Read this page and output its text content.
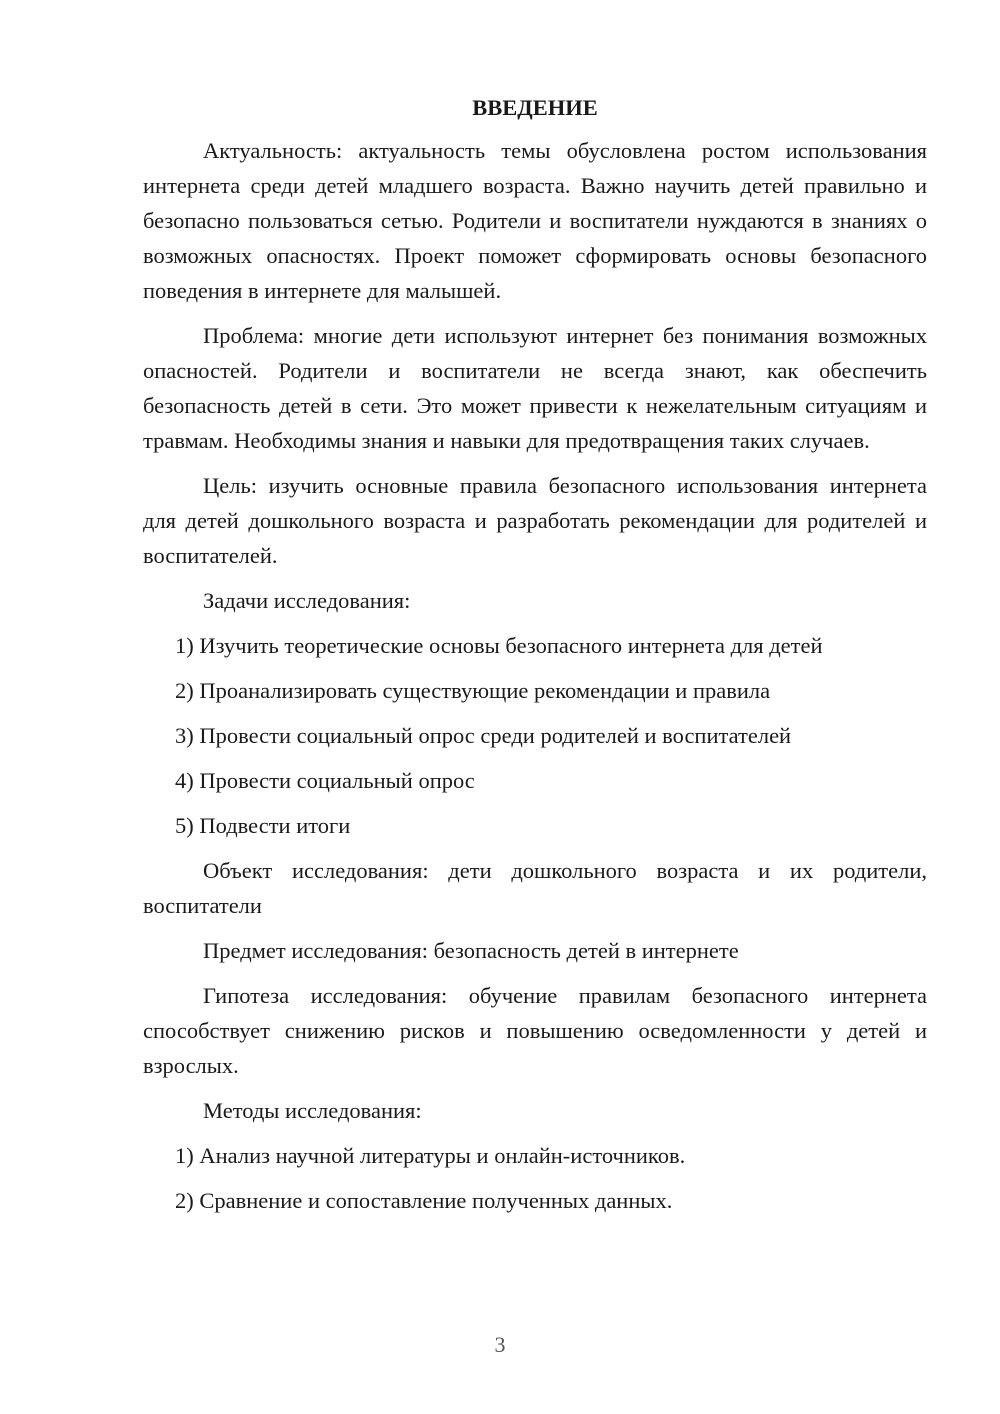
ВВЕДЕНИЕ

Актуальность: актуальность темы обусловлена ростом использования интернета среди детей младшего возраста. Важно научить детей правильно и безопасно пользоваться сетью. Родители и воспитатели нуждаются в знаниях о возможных опасностях. Проект поможет сформировать основы безопасного поведения в интернете для малышей.

Проблема: многие дети используют интернет без понимания возможных опасностей. Родители и воспитатели не всегда знают, как обеспечить безопасность детей в сети. Это может привести к нежелательным ситуациям и травмам. Необходимы знания и навыки для предотвращения таких случаев.

Цель: изучить основные правила безопасного использования интернета для детей дошкольного возраста и разработать рекомендации для родителей и воспитателей.

Задачи исследования:

1) Изучить теоретические основы безопасного интернета для детей

2) Проанализировать существующие рекомендации и правила

3) Провести социальный опрос среди родителей и воспитателей

4) Провести социальный опрос

5) Подвести итоги

Объект исследования: дети дошкольного возраста и их родители, воспитатели

Предмет исследования: безопасность детей в интернете

Гипотеза исследования: обучение правилам безопасного интернета способствует снижению рисков и повышению осведомленности у детей и взрослых.

Методы исследования:

1) Анализ научной литературы и онлайн-источников.

2) Сравнение и сопоставление полученных данных.

3
